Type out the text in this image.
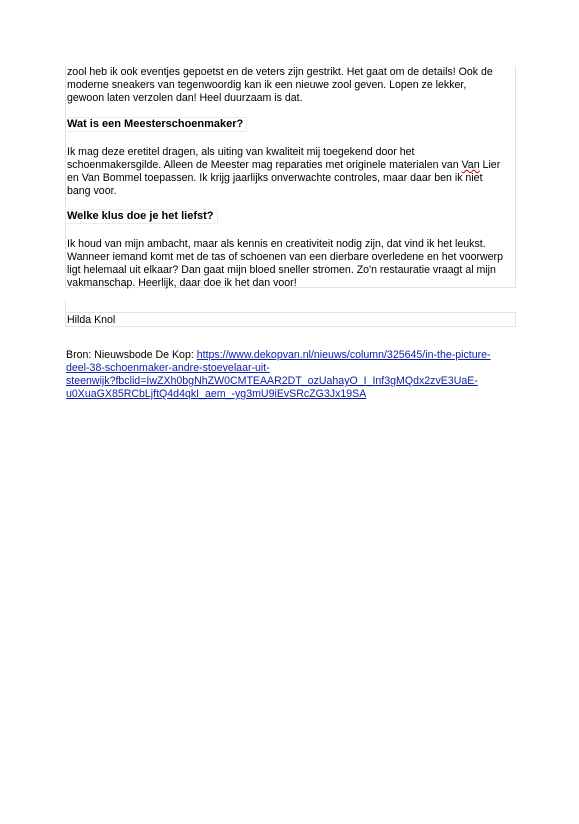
zool heb ik ook eventjes gepoetst en de veters zijn gestrikt. Het gaat om de details! Ook de
moderne sneakers van tegenwoordig kan ik een nieuwe zool geven. Lopen ze lekker,
gewoon laten verzolen dan! Heel duurzaam is dat.

Wat is een Meesterschoenmaker?

Ik mag deze eretitel dragen, als uiting van kwaliteit mij toegekend door het
schoenmakersgilde. Alleen de Meester mag reparaties met originele materialen van Van Lier
en Van Bommel toepassen. Ik krijg jaarlijks onverwachte controles, maar daar ben ik niet
bang voor.

Welke klus doe je het liefst?

Ik houd van mijn ambacht, maar als kennis en creativiteit nodig zijn, dat vind ik het leukst.
Wanneer iemand komt met de tas of schoenen van een dierbare overledene en het voorwerp
ligt helemaal uit elkaar? Dan gaat mijn bloed sneller stromen. Zo'n restauratie vraagt al mijn
vakmanschap. Heerlijk, daar doe ik het dan voor!

Hilda Knol
Bron: Nieuwsbode De Kop: https://www.dekopvan.nl/nieuws/column/325645/in-the-picture-
deel-38-schoenmaker-andre-stoevelaar-uit-
steenwijk?fbclid=IwZXh0bgNhZW0CMTEAAR2DT_ozUahayO_I_Inf3gMQdx2zvE3UaE-
u0XuaGX85RCbLjftQ4d4qkI_aem_-yg3mU9iEvSRcZG3Jx19SA
